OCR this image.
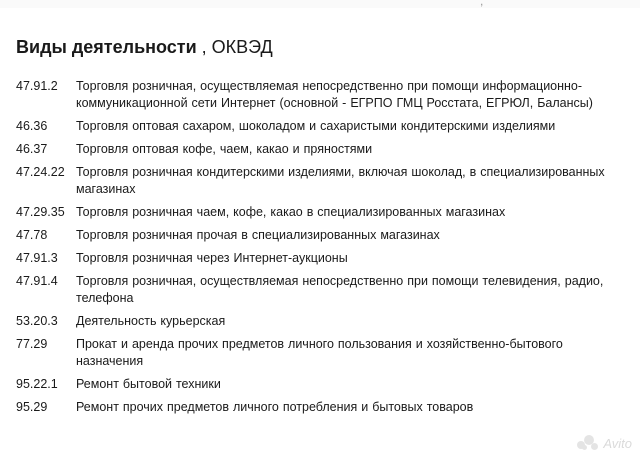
,
Виды деятельности , ОКВЭД
47.91.2	Торговля розничная, осуществляемая непосредственно при помощи информационно-коммуникационной сети Интернет (основной - ЕГРПО ГМЦ Росстата, ЕГРЮЛ, Балансы)
46.36	Торговля оптовая сахаром, шоколадом и сахаристыми кондитерскими изделиями
46.37	Торговля оптовая кофе, чаем, какао и пряностями
47.24.22 Торговля розничная кондитерскими изделиями, включая шоколад, в специализированных магазинах
47.29.35 Торговля розничная чаем, кофе, какао в специализированных магазинах
47.78	Торговля розничная прочая в специализированных магазинах
47.91.3	Торговля розничная через Интернет-аукционы
47.91.4	Торговля розничная, осуществляемая непосредственно при помощи телевидения, радио, телефона
53.20.3	Деятельность курьерская
77.29	Прокат и аренда прочих предметов личного пользования и хозяйственно-бытового назначения
95.22.1	Ремонт бытовой техники
95.29	Ремонт прочих предметов личного потребления и бытовых товаров
Avito
